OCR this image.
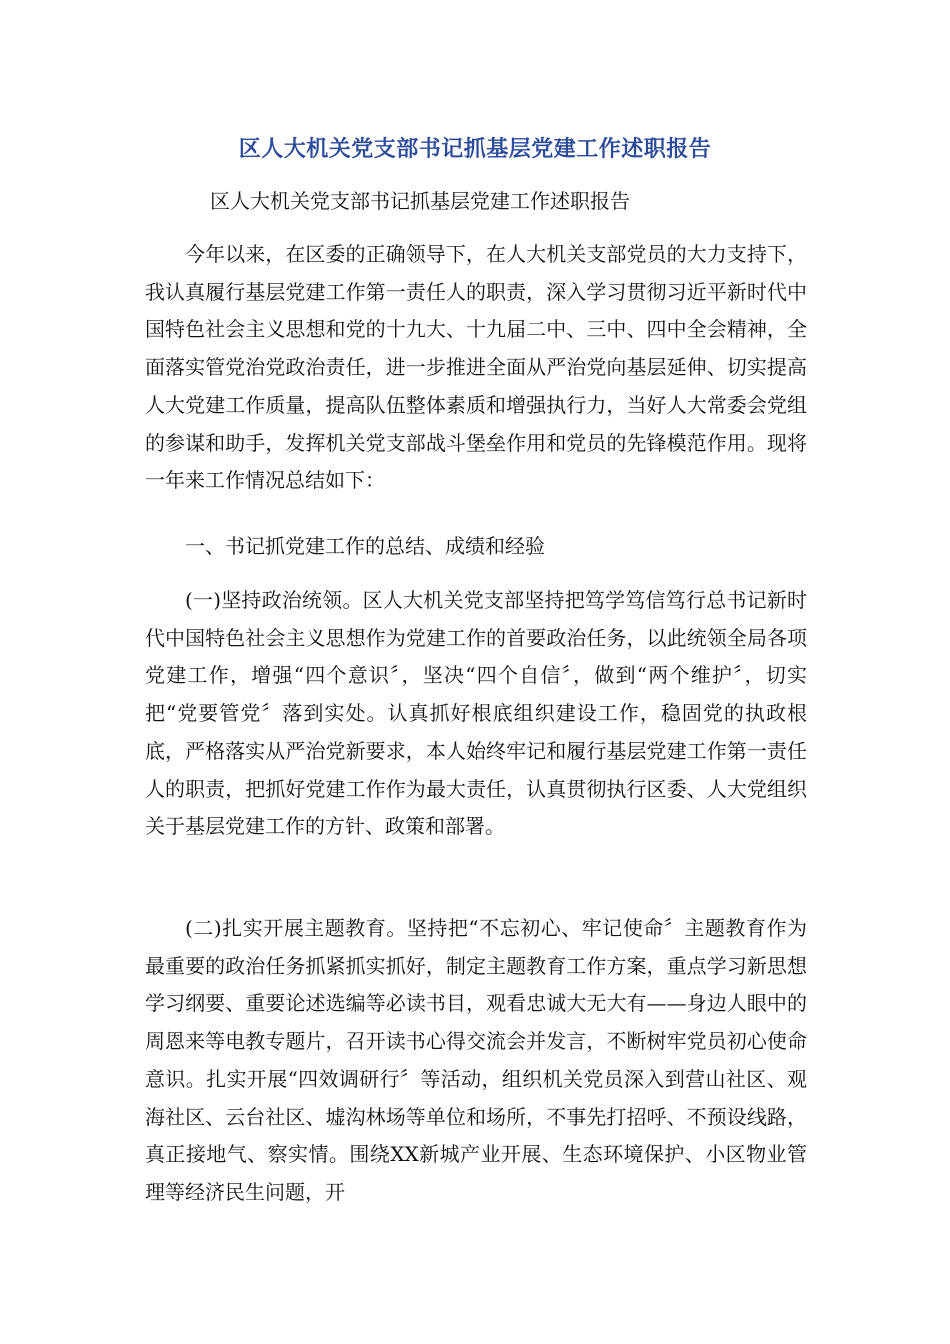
区人大机关党支部书记抓基层党建工作述职报告
区人大机关党支部书记抓基层党建工作述职报告

今年以来，在区委的正确领导下，在人大机关支部党员的大力支持下，我认真履行基层党建工作第一责任人的职责，深入学习贯彻习近平新时代中国特色社会主义思想和党的十九大、十九届二中、三中、四中全会精神，全面落实管党治党政治责任，进一步推进全面从严治党向基层延伸、切实提高人大党建工作质量，提高队伍整体素质和增强执行力，当好人大常委会党组的参谋和助手，发挥机关党支部战斗堡垒作用和党员的先锋模范作用。现将一年来工作情况总结如下：

一、书记抓党建工作的总结、成绩和经验

(一)坚持政治统领。区人大机关党支部坚持把笃学笃信笃行总书记新时代中国特色社会主义思想作为党建工作的首要政治任务，以此统领全局各项党建工作，增强“四个意识〞，坚决“四个自信〞，做到“两个维护〞，切实把“党要管党〞落到实处。认真抓好根底组织建设工作，稳固党的执政根底，严格落实从严治党新要求，本人始终牢记和履行基层党建工作第一责任人的职责，把抓好党建工作作为最大责任，认真贯彻执行区委、人大党组织关于基层党建工作的方针、政策和部署。

(二)扎实开展主题教育。坚持把“不忘初心、牢记使命〞主题教育作为最重要的政治任务抓紧抓实抓好，制定主题教育工作方案，重点学习新思想学习纲要、重要论述选编等必读书目，观看忠诚大无大有——身边人眼中的周恩来等电教专题片，召开读书心得交流会并发言，不断树牢党员初心使命意识。扎实开展“四效调研行〞等活动，组织机关党员深入到营山社区、观海社区、云台社区、墟沟林场等单位和场所，不事先打招呼、不预设线路，真正接地气、察实情。围绕XX新城产业开展、生态环境保护、小区物业管理等经济民生问题，开
